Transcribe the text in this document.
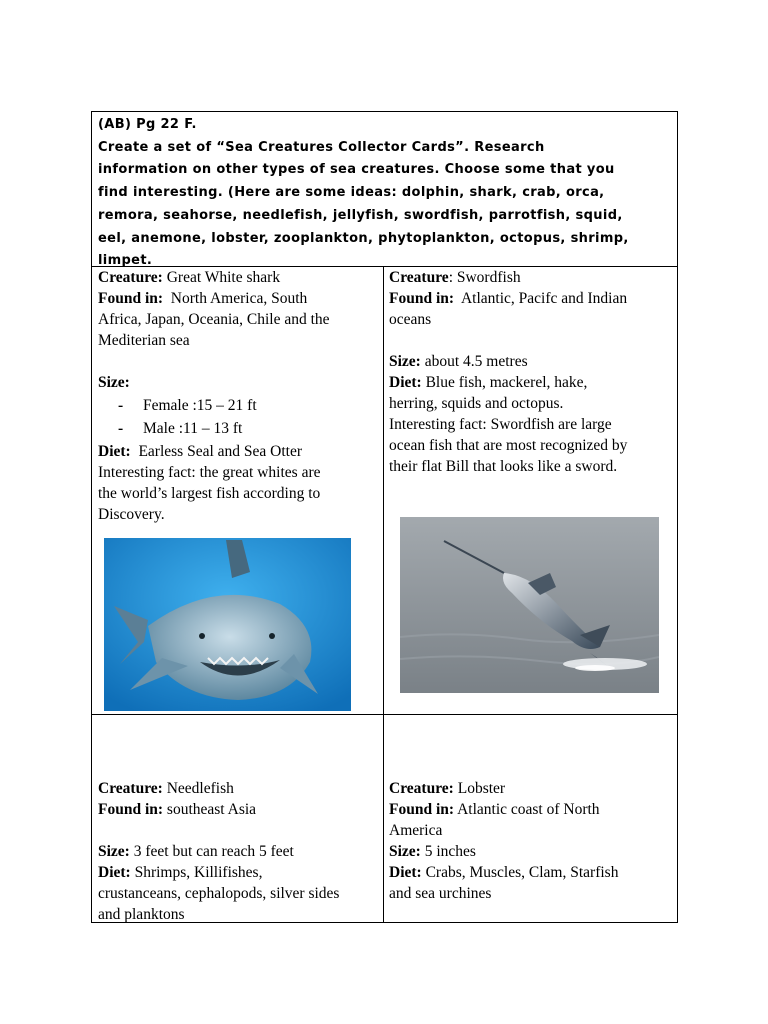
(AB) Pg 22 F.
Create a set of “Sea Creatures Collector Cards”. Research
information on other types of sea creatures. Choose some that you
find interesting. (Here are some ideas: dolphin, shark, crab, orca,
remora, seahorse, needlefish, jellyfish, swordfish, parrotfish, squid,
eel, anemone, lobster, zooplankton, phytoplankton, octopus, shrimp,
limpet.
Creature: Great White shark
Found in: North America, South
Africa, Japan, Oceania, Chile and the
Mediterian sea
Size:
- Female :15 – 21 ft
- Male :11 – 13 ft
Diet: Earless Seal and Sea Otter
Interesting fact: the great whites are
the world’s largest fish according to
Discovery.
Creature: Swordfish
Found in: Atlantic, Pacifc and Indian
oceans
Size: about 4.5 metres
Diet: Blue fish, mackerel, hake,
herring, squids and octopus.
Interesting fact: Swordfish are large
ocean fish that are most recognized by
their flat Bill that looks like a sword.
Creature: Needlefish
Found in: southeast Asia
Size: 3 feet but can reach 5 feet
Diet: Shrimps, Killifishes,
crustanceans, cephalopods, silver sides
and planktons
Creature: Lobster
Found in: Atlantic coast of North
America
Size: 5 inches
Diet: Crabs, Muscles, Clam, Starfish
and sea urchines
